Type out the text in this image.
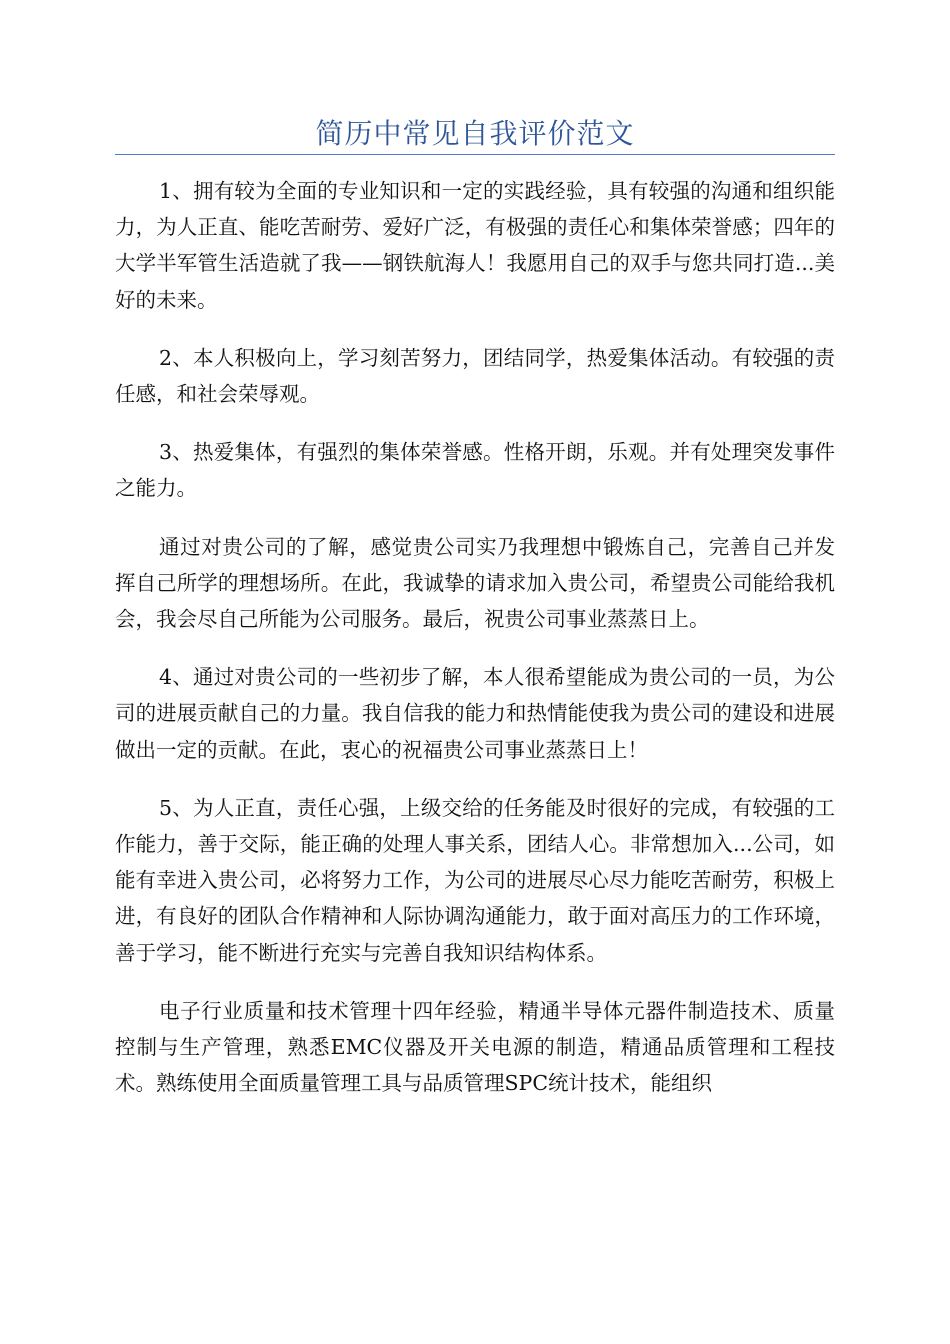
简历中常见自我评价范文

1、拥有较为全面的专业知识和一定的实践经验，具有较强的沟通和组织能力，为人正直、能吃苦耐劳、爱好广泛，有极强的责任心和集体荣誉感；四年的大学半军管生活造就了我——钢铁航海人！我愿用自己的双手与您共同打造...美好的未来。

2、本人积极向上，学习刻苦努力，团结同学，热爱集体活动。有较强的责任感，和社会荣辱观。

3、热爱集体，有强烈的集体荣誉感。性格开朗，乐观。并有处理突发事件之能力。

通过对贵公司的了解，感觉贵公司实乃我理想中锻炼自己，完善自己并发挥自己所学的理想场所。在此，我诚挚的请求加入贵公司，希望贵公司能给我机会，我会尽自己所能为公司服务。最后，祝贵公司事业蒸蒸日上。

4、通过对贵公司的一些初步了解，本人很希望能成为贵公司的一员，为公司的进展贡献自己的力量。我自信我的能力和热情能使我为贵公司的建设和进展做出一定的贡献。在此，衷心的祝福贵公司事业蒸蒸日上！

5、为人正直，责任心强，上级交给的任务能及时很好的完成，有较强的工作能力，善于交际，能正确的处理人事关系，团结人心。非常想加入...公司，如能有幸进入贵公司，必将努力工作，为公司的进展尽心尽力能吃苦耐劳，积极上进，有良好的团队合作精神和人际协调沟通能力，敢于面对高压力的工作环境，善于学习，能不断进行充实与完善自我知识结构体系。

电子行业质量和技术管理十四年经验，精通半导体元器件制造技术、质量控制与生产管理，熟悉EMC仪器及开关电源的制造，精通品质管理和工程技术。熟练使用全面质量管理工具与品质管理SPC统计技术，能组织
